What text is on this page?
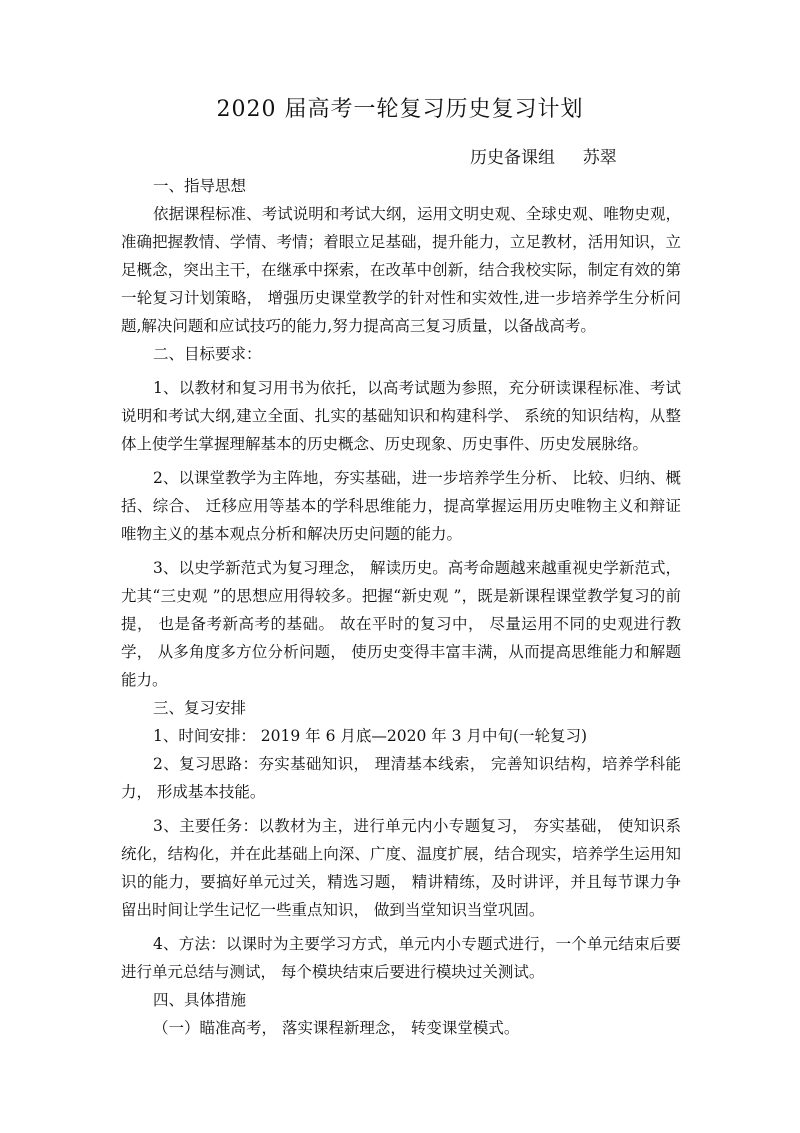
2020 届高考一轮复习历史复习计划
历史备课组　  苏翠

一、指导思想

依据课程标准、考试说明和考试大纲，运用文明史观、全球史观、唯物史观，准确把握教情、学情、考情；着眼立足基础，提升能力，立足教材，活用知识，立足概念，突出主干，在继承中探索，在改革中创新，结合我校实际，制定有效的第一轮复习计划策略， 增强历史课堂教学的针对性和实效性,进一步培养学生分析问题,解决问题和应试技巧的能力,努力提高高三复习质量，以备战高考。

二、目标要求：

1、以教材和复习用书为依托，以高考试题为参照，充分研读课程标准、考试说明和考试大纲,建立全面、扎实的基础知识和构建科学、 系统的知识结构，从整体上使学生掌握理解基本的历史概念、历史现象、历史事件、历史发展脉络。

2、以课堂教学为主阵地，夯实基础，进一步培养学生分析、 比较、归纳、概括、综合、 迁移应用等基本的学科思维能力，提高掌握运用历史唯物主义和辩证唯物主义的基本观点分析和解决历史问题的能力。

3、以史学新范式为复习理念， 解读历史。高考命题越来越重视史学新范式，尤其“三史观 ”的思想应用得较多。把握“新史观 ”，既是新课程课堂教学复习的前提， 也是备考新高考的基础。 故在平时的复习中， 尽量运用不同的史观进行教学， 从多角度多方位分析问题， 使历史变得丰富丰满，从而提高思维能力和解题能力。

三、复习安排

1、时间安排： 2019 年 6 月底—2020 年 3 月中旬(一轮复习)

2、复习思路：夯实基础知识， 理清基本线索， 完善知识结构，培养学科能力， 形成基本技能。

3、主要任务：以教材为主，进行单元内小专题复习， 夯实基础， 使知识系统化，结构化，并在此基础上向深、广度、温度扩展，结合现实，培养学生运用知识的能力，要搞好单元过关，精选习题， 精讲精练，及时讲评，并且每节课力争留出时间让学生记忆一些重点知识， 做到当堂知识当堂巩固。

4、方法：以课时为主要学习方式，单元内小专题式进行，一个单元结束后要进行单元总结与测试， 每个模块结束后要进行模块过关测试。

四、具体措施

（一）瞄准高考， 落实课程新理念， 转变课堂模式。
